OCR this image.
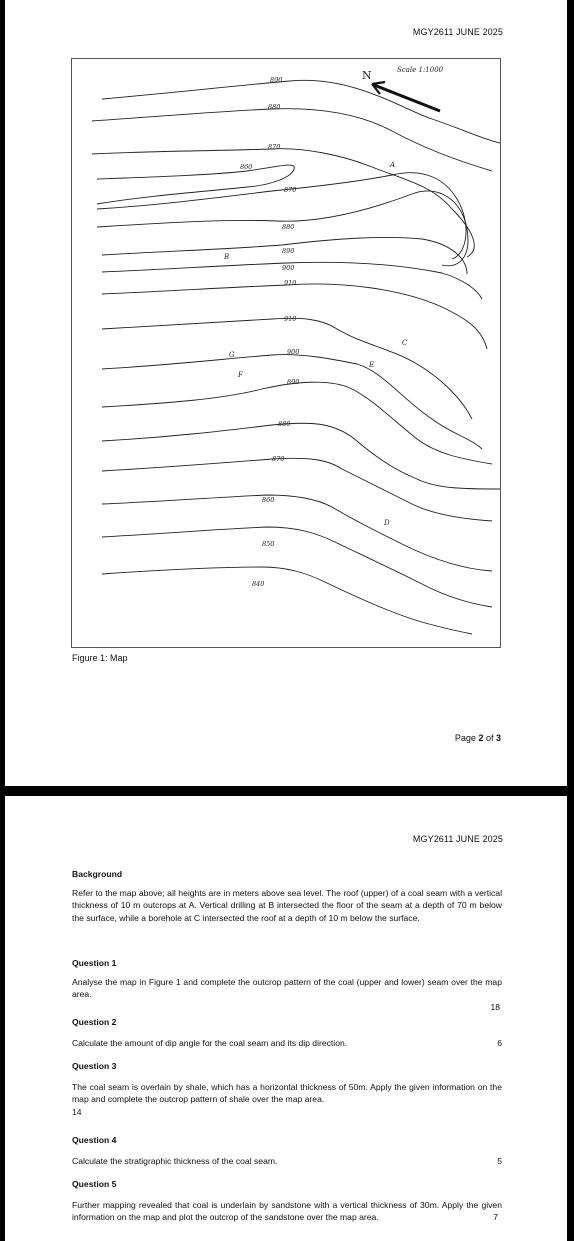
MGY2611 JUNE 2025
890
880
870
860
870
880
890
900
910
910
900
890
880
870
860
850
840
A
B
C
E
G
F
D
N	Scale 1:1000
Figure 1: Map
Page 2 of 3
MGY2611 JUNE 2025
Background

Refer to the map above; all heights are in meters above sea level. The roof (upper) of a coal seam with a vertical thickness of 10 m outcrops at A. Vertical drilling at B intersected the floor of the seam at a depth of 70 m below the surface, while a borehole at C intersected the roof at a depth of 10 m below the surface.

Question 1

Analyse the map in Figure 1 and complete the outcrop pattern of the coal (upper and lower) seam over the map area.

18
Question 2
Calculate the amount of dip angle for the coal seam and its dip direction.	6
Question 3

The coal seam is overlain by shale, which has a horizontal thickness of 50m. Apply the given information on the map and complete the outcrop pattern of shale over the map area.

14
Question 4
Calculate the stratigraphic thickness of the coal seam.	5
Question 5

Further mapping revealed that coal is underlain by sandstone with a vertical thickness of 30m. Apply the given information on the map and plot the outcrop of the sandstone over the map area.	7
